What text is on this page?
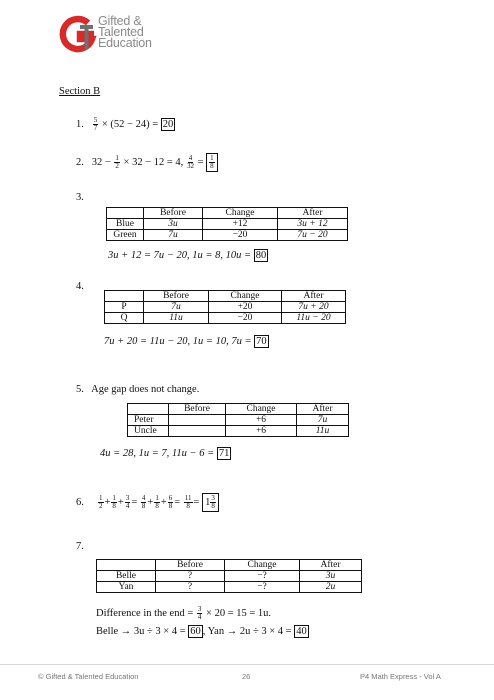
Gifted &
Talented
Education
Section B
1. $\frac{5}{7} \times (52 - 24) = 20$
2. $32 - \frac{1}{2} \times 32 - 12 = 4$, $\frac{4}{32} = \frac{1}{8}$
3.
	Before	Change	After
Blue	3u	+12	3u + 12
Green	7u	−20	7u − 20
3u + 12 = 7u − 20, 1u = 8, 10u = 80
4.
	Before	Change	After
P	7u	+20	7u + 20
Q	11u	−20	11u − 20
7u + 20 = 11u − 20, 1u = 10, 7u = 70
5. Age gap does not change.
	Before	Change	After
Peter		+6	7u
Uncle		+6	11u
4u = 28, 1u = 7, 11u − 6 = 71
6. $\frac{1}{2} + \frac{1}{8} + \frac{3}{4} = \frac{4}{8} + \frac{1}{8} + \frac{6}{8} = \frac{11}{8} = 1 \frac{3}{8}$
7.
	Before	Change	After
Belle	?	−?	3u
Yan	?	−?	2u
Difference in the end = $\frac{3}{4} \times 20 = 15 = 1u$.
Belle → 3u ÷ 3 × 4 = 60 , Yan → 2u ÷ 3 × 4 = 40
© Gifted & Talented Education	26	P4 Math Express - Vol A
